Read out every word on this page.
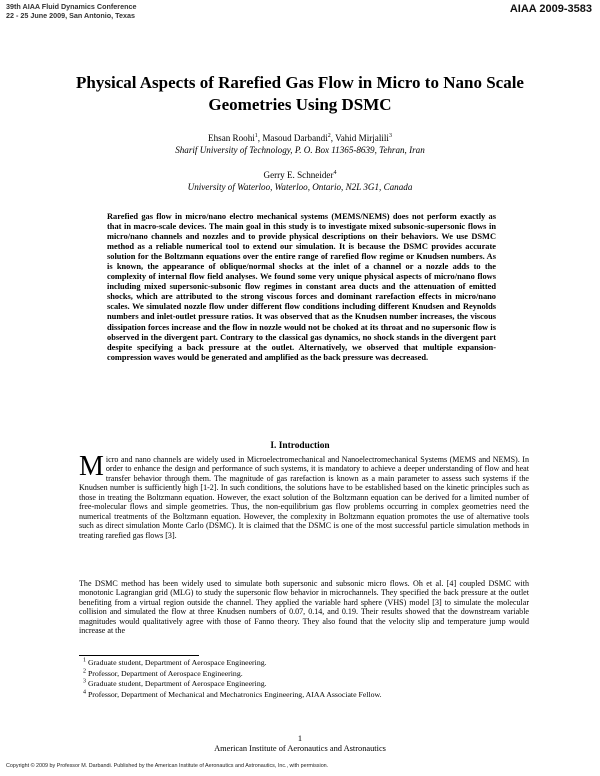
39th AIAA Fluid Dynamics Conference
22 - 25 June 2009, San Antonio, Texas	AIAA 2009-3583
Physical Aspects of Rarefied Gas Flow in Micro to Nano Scale Geometries Using DSMC
Ehsan Roohi$^1$, Masoud Darbandi$^2$, Vahid Mirjalili$^3$
Sharif University of Technology, P. O. Box 11365-8639, Tehran, Iran
Gerry E. Schneider$^4$
University of Waterloo, Waterloo, Ontario, N2L 3G1, Canada

Rarefied gas flow in micro/nano electro mechanical systems (MEMS/NEMS) does not perform exactly as that in macro-scale devices. The main goal in this study is to investigate mixed subsonic-supersonic flows in micro/nano channels and nozzles and to provide physical descriptions on their behaviors. We use DSMC method as a reliable numerical tool to extend our simulation. It is because the DSMC provides accurate solution for the Boltzmann equations over the entire range of rarefied flow regime or Knudsen numbers. As is known, the appearance of oblique/normal shocks at the inlet of a channel or a nozzle adds to the complexity of internal flow field analyses. We found some very unique physical aspects of micro/nano flows including mixed supersonic-subsonic flow regimes in constant area ducts and the attenuation of emitted shocks, which are attributed to the strong viscous forces and dominant rarefaction effects in micro/nano scales. We simulated nozzle flow under different flow conditions including different Knudsen and Reynolds numbers and inlet-outlet pressure ratios. It was observed that as the Knudsen number increases, the viscous dissipation forces increase and the flow in nozzle would not be choked at its throat and no supersonic flow is observed in the divergent part. Contrary to the classical gas dynamics, no shock stands in the divergent part despite specifying a back pressure at the outlet. Alternatively, we observed that multiple expansion-compression waves would be generated and amplified as the back pressure was decreased.

I. Introduction

Micro and nano channels are widely used in Microelectromechanical and Nanoelectromechanical Systems (MEMS and NEMS). In order to enhance the design and performance of such systems, it is mandatory to achieve a deeper understanding of flow and heat transfer behavior through them. The magnitude of gas rarefaction is known as a main parameter to assess such systems if the Knudsen number is sufficiently high [1-2]. In such conditions, the solutions have to be established based on the kinetic principles such as those in treating the Boltzmann equation. However, the exact solution of the Boltzmann equation can be derived for a limited number of free-molecular flows and simple geometries. Thus, the non-equilibrium gas flow problems occurring in complex geometries need the numerical treatments of the Boltzmann equation. However, the complexity in Boltzmann equation promotes the use of alternative tools such as direct simulation Monte Carlo (DSMC). It is claimed that the DSMC is one of the most successful particle simulation methods in treating rarefied gas flows [3].

The DSMC method has been widely used to simulate both supersonic and subsonic micro flows. Oh et al. [4] coupled DSMC with monotonic Lagrangian grid (MLG) to study the supersonic flow behavior in microchannels. They specified the back pressure at the outlet benefiting from a virtual region outside the channel. They applied the variable hard sphere (VHS) model [3] to simulate the molecular collision and simulated the flow at three Knudsen numbers of 0.07, 0.14, and 0.19. Their results showed that the downstream variable magnitudes would qualitatively agree with those of Fanno theory. They also found that the velocity slip and temperature jump would increase at the

$^1$ Graduate student, Department of Aerospace Engineering.
$^2$ Professor, Department of Aerospace Engineering.
$^3$ Graduate student, Department of Aerospace Engineering.
$^4$ Professor, Department of Mechanical and Mechatronics Engineering, AIAA Associate Fellow.
1
American Institute of Aeronautics and Astronautics
Copyright © 2009 by Professor M. Darbandi. Published by the American Institute of Aeronautics and Astronautics, Inc., with permission.
